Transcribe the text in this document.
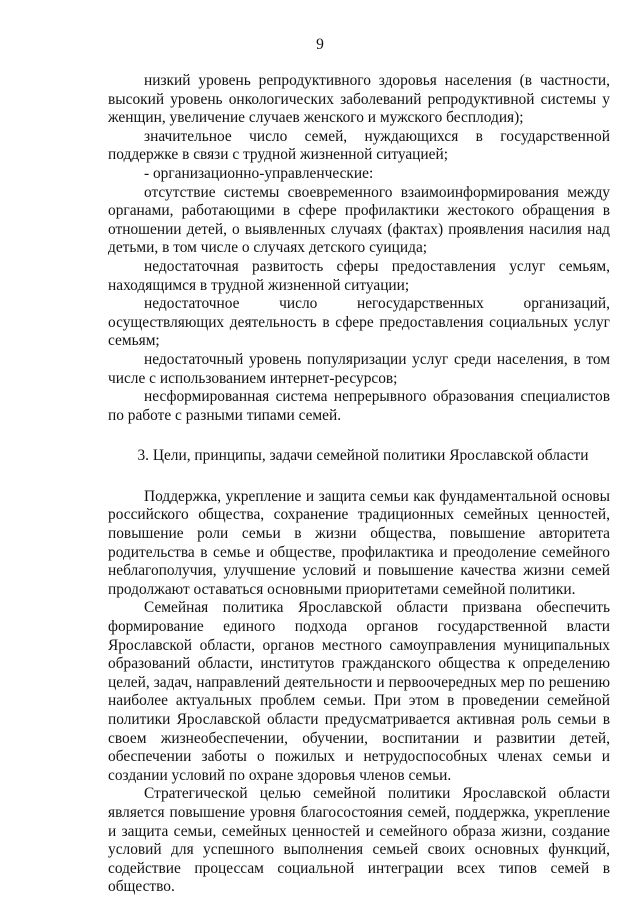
9

низкий уровень репродуктивного здоровья населения (в частности, высокий уровень онкологических заболеваний репродуктивной системы у женщин, увеличение случаев женского и мужского бесплодия);

значительное число семей, нуждающихся в государственной поддержке в связи с трудной жизненной ситуацией;

- организационно-управленческие:

отсутствие системы своевременного взаимоинформирования между органами, работающими в сфере профилактики жестокого обращения в отношении детей, о выявленных случаях (фактах) проявления насилия над детьми, в том числе о случаях детского суицида;

недостаточная развитость сферы предоставления услуг семьям, находящимся в трудной жизненной ситуации;

недостаточное число негосударственных организаций, осуществляющих деятельность в сфере предоставления социальных услуг семьям;

недостаточный уровень популяризации услуг среди населения, в том числе с использованием интернет-ресурсов;

несформированная система непрерывного образования специалистов по работе с разными типами семей.

3. Цели, принципы, задачи семейной политики Ярославской области

Поддержка, укрепление и защита семьи как фундаментальной основы российского общества, сохранение традиционных семейных ценностей, повышение роли семьи в жизни общества, повышение авторитета родительства в семье и обществе, профилактика и преодоление семейного неблагополучия, улучшение условий и повышение качества жизни семей продолжают оставаться основными приоритетами семейной политики.

Семейная политика Ярославской области призвана обеспечить формирование единого подхода органов государственной власти Ярославской области, органов местного самоуправления муниципальных образований области, институтов гражданского общества к определению целей, задач, направлений деятельности и первоочередных мер по решению наиболее актуальных проблем семьи. При этом в проведении семейной политики Ярославской области предусматривается активная роль семьи в своем жизнеобеспечении, обучении, воспитании и развитии детей, обеспечении заботы о пожилых и нетрудоспособных членах семьи и создании условий по охране здоровья членов семьи.

Стратегической целью семейной политики Ярославской области является повышение уровня благосостояния семей, поддержка, укрепление и защита семьи, семейных ценностей и семейного образа жизни, создание условий для успешного выполнения семьей своих основных функций, содействие процессам социальной интеграции всех типов семей в общество.
